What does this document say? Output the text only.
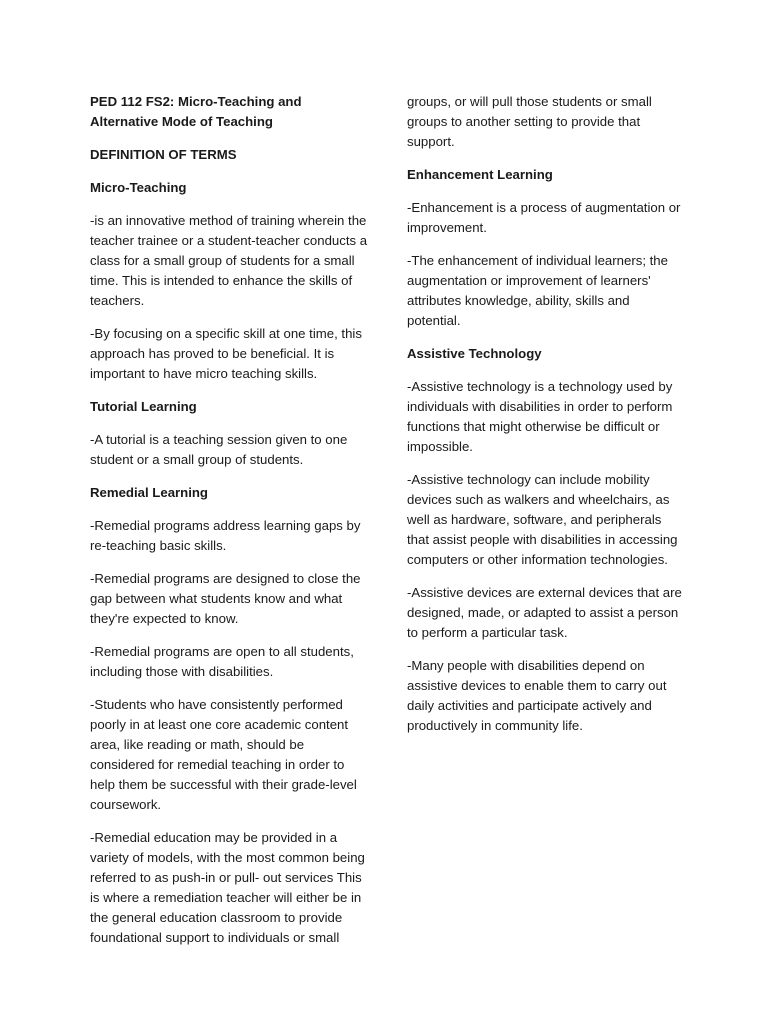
PED 112 FS2: Micro-Teaching and Alternative Mode of Teaching

DEFINITION OF TERMS

Micro-Teaching

-is an innovative method of training wherein the teacher trainee or a student-teacher conducts a class for a small group of students for a small time. This is intended to enhance the skills of teachers.

-By focusing on a specific skill at one time, this approach has proved to be beneficial. It is important to have micro teaching skills.

Tutorial Learning

-A tutorial is a teaching session given to one student or a small group of students.

Remedial Learning

-Remedial programs address learning gaps by re-teaching basic skills.

-Remedial programs are designed to close the gap between what students know and what they're expected to know.

-Remedial programs are open to all students, including those with disabilities.

-Students who have consistently performed poorly in at least one core academic content area, like reading or math, should be considered for remedial teaching in order to help them be successful with their grade-level coursework.

-Remedial education may be provided in a variety of models, with the most common being referred to as push-in or pull- out services This is where a remediation teacher will either be in the general education classroom to provide foundational support to individuals or small

groups, or will pull those students or small groups to another setting to provide that support.

Enhancement Learning

-Enhancement is a process of augmentation or improvement.

-The enhancement of individual learners; the augmentation or improvement of learners' attributes knowledge, ability, skills and potential.

Assistive Technology

-Assistive technology is a technology used by individuals with disabilities in order to perform functions that might otherwise be difficult or impossible.

-Assistive technology can include mobility devices such as walkers and wheelchairs, as well as hardware, software, and peripherals that assist people with disabilities in accessing computers or other information technologies.

-Assistive devices are external devices that are designed, made, or adapted to assist a person to perform a particular task.

-Many people with disabilities depend on assistive devices to enable them to carry out daily activities and participate actively and productively in community life.
